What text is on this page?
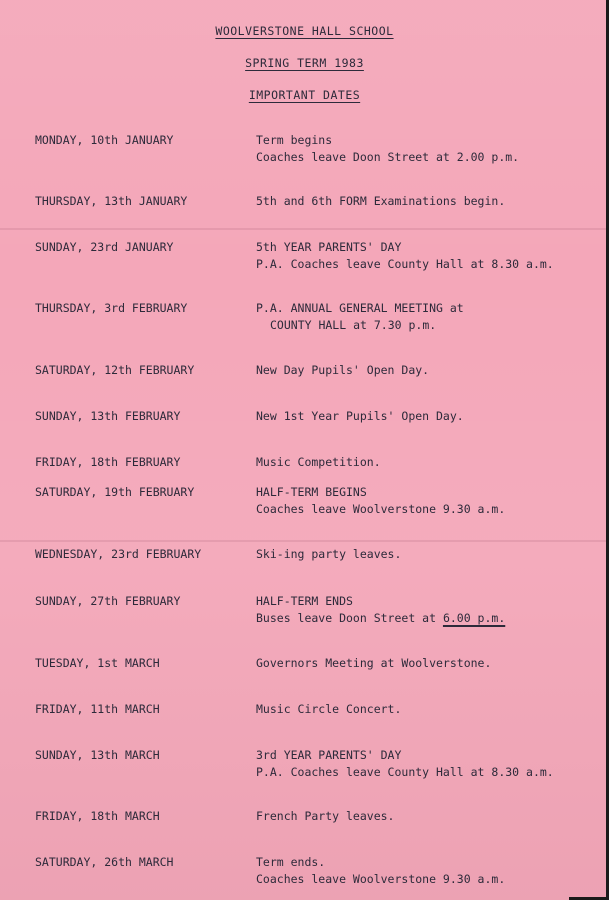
WOOLVERSTONE HALL SCHOOL
SPRING TERM 1983
IMPORTANT DATES
MONDAY, 10th JANUARY	Term begins
Coaches leave Doon Street at 2.00 p.m.
THURSDAY, 13th JANUARY	5th and 6th FORM Examinations begin.
SUNDAY, 23rd JANUARY	5th YEAR PARENTS' DAY
P.A. Coaches leave County Hall at 8.30 a.m.
THURSDAY, 3rd FEBRUARY	P.A. ANNUAL GENERAL MEETING at
COUNTY HALL at 7.30 p.m.
SATURDAY, 12th FEBRUARY	New Day Pupils' Open Day.
SUNDAY, 13th FEBRUARY	New 1st Year Pupils' Open Day.
FRIDAY, 18th FEBRUARY	Music Competition.
SATURDAY, 19th FEBRUARY	HALF-TERM BEGINS
Coaches leave Woolverstone 9.30 a.m.
WEDNESDAY, 23rd FEBRUARY	Ski-ing party leaves.
SUNDAY, 27th FEBRUARY	HALF-TERM ENDS
Buses leave Doon Street at 6.00 p.m.
TUESDAY, 1st MARCH	Governors Meeting at Woolverstone.
FRIDAY, 11th MARCH	Music Circle Concert.
SUNDAY, 13th MARCH	3rd YEAR PARENTS' DAY
P.A. Coaches leave County Hall at 8.30 a.m.
FRIDAY, 18th MARCH	French Party leaves.
SATURDAY, 26th MARCH	Term ends.
Coaches leave Woolverstone 9.30 a.m.
